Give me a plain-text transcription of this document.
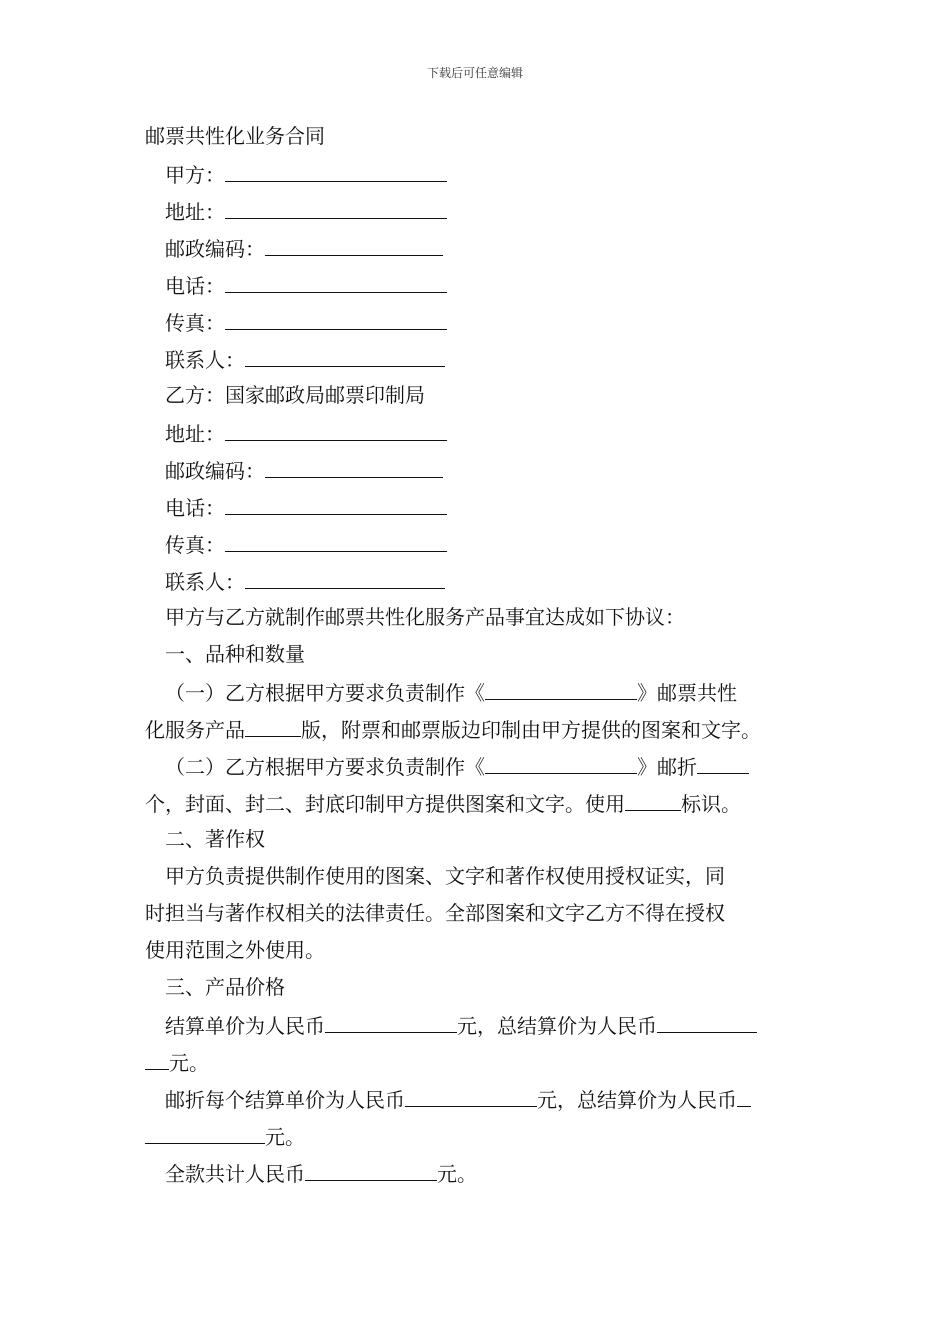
下载后可任意编辑
邮票共性化业务合同
甲方：
地址：
邮政编码：
电话：
传真：
联系人：
乙方：国家邮政局邮票印制局
地址：
邮政编码：
电话：
传真：
联系人：
甲方与乙方就制作邮票共性化服务产品事宜达成如下协议：
一、品种和数量
（一）乙方根据甲方要求负责制作《	》邮票共性
化服务产品	版，附票和邮票版边印制由甲方提供的图案和文字。
（二）乙方根据甲方要求负责制作《	》邮折
个，封面、封二、封底印制甲方提供图案和文字。使用	标识。
二、著作权
甲方负责提供制作使用的图案、文字和著作权使用授权证实，同
时担当与著作权相关的法律责任。全部图案和文字乙方不得在授权
使用范围之外使用。
三、产品价格
结算单价为人民币	元，总结算价为人民币
元。
邮折每个结算单价为人民币	元，总结算价为人民币
元。
全款共计人民币	元。
